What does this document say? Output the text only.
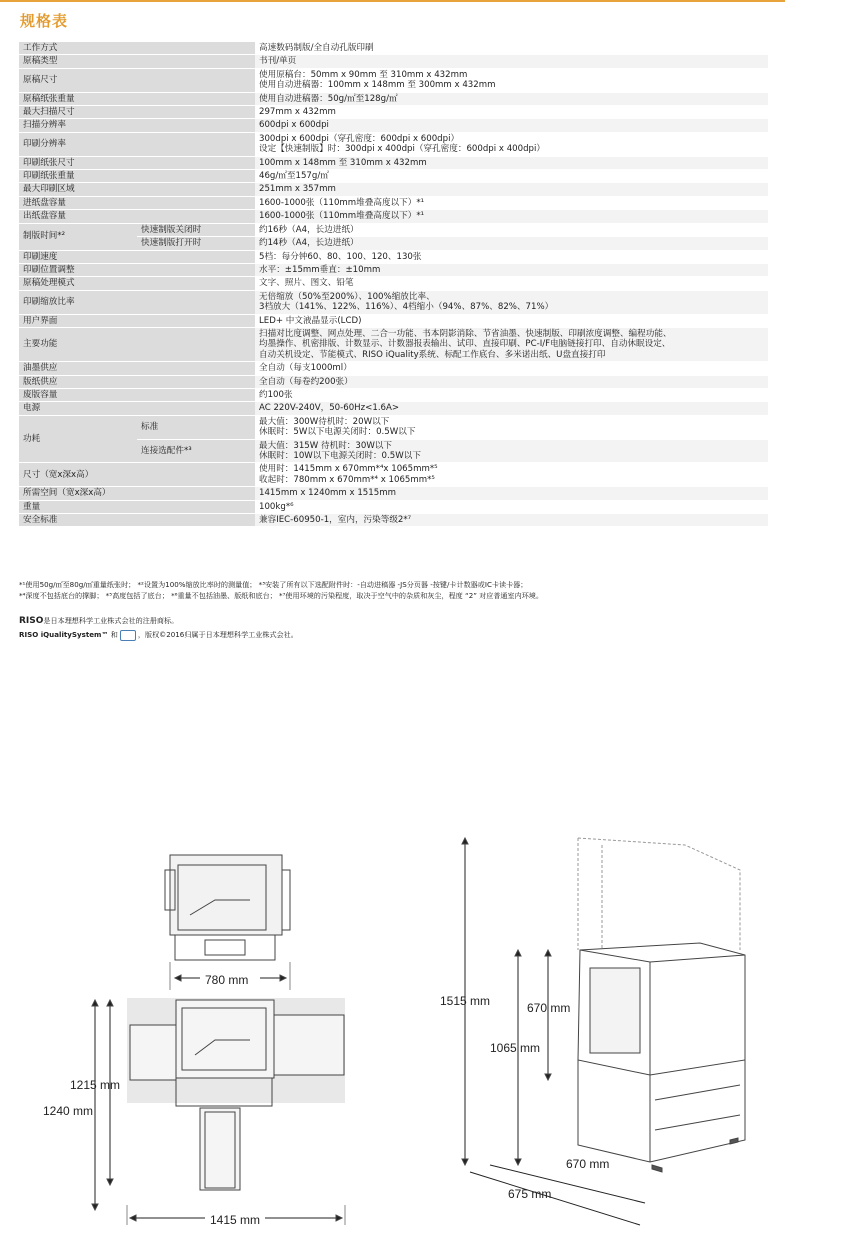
规格表
工作方式		高速数码制版/全自动孔版印刷

原稿类型		书刊/单页

原稿尺寸		使用原稿台：50mm x 90mm 至 310mm x 432mm
使用自动进稿器：100mm x 148mm 至 300mm x 432mm

原稿纸张重量		使用自动进稿器：50g/㎡至128g/㎡

最大扫描尺寸		297mm x 432mm

扫描分辨率		600dpi x 600dpi

印刷分辨率		300dpi x 600dpi（穿孔密度：600dpi x 600dpi）
设定【快速制版】时：300dpi x 400dpi（穿孔密度：600dpi x 400dpi）

印刷纸张尺寸		100mm x 148mm 至 310mm x 432mm

印刷纸张重量		46g/㎡至157g/㎡

最大印刷区域		251mm x 357mm

进纸盘容量		1600-1000张（110mm堆叠高度以下）*¹

出纸盘容量		1600-1000张（110mm堆叠高度以下）*¹

制版时间*²	快速制版关闭时	约16秒（A4，长边进纸）
	快速制版打开时	约14秒（A4，长边进纸）
印刷速度		5档：每分钟60、80、100、120、130张

印刷位置调整		水平：±15mm垂直：±10mm

原稿处理模式		文字、照片、图文、铅笔

印刷缩放比率		无倍缩放（50%至200%）、100%缩放比率、
3档放大（141%、122%、116%）、4档缩小（94%、87%、82%、71%）

用户界面		LED+ 中文液晶显示(LCD)

主要功能		扫描对比度调整、网点处理、二合一功能、书本阴影消除、节省油墨、快速制版、印刷浓度调整、编程功能、
均墨操作、机密排版、计数显示、计数器报表输出、试印、直接印刷、PC-I/F电脑链接打印、自动休眠设定、
自动关机设定、节能模式、RISO iQuality系统、标配工作底台、多米诺出纸、U盘直接打印

油墨供应		全自动（每支1000ml）

版纸供应		全自动（每卷约200张）

废版容量		约100张

电源		AC 220V-240V，50-60Hz<1.6A>

功耗	标准	最大值：300W待机时：20W以下
休眠时：5W以下电源关闭时：0.5W以下

	连接选配件*³	最大值：315W 待机时：30W以下
休眠时：10W以下电源关闭时：0.5W以下

尺寸（宽x深x高）		使用时：1415mm x 670mm*⁴x 1065mm*⁵
收起时：780mm x 670mm*⁴ x 1065mm*⁵

所需空间（宽x深x高）		1415mm x 1240mm x 1515mm

重量		100kg*⁶

安全标准		兼容IEC-60950-1，室内，污染等级2*⁷
*¹使用50g/㎡至80g/㎡重量纸张时； *²设置为100%缩放比率时的测量值； *³安装了所有以下选配附件时：-自动进稿器 -JS分页器 -按键/卡计数器或IC卡读卡器；
*⁴深度不包括底台的撑脚； *⁵高度包括了底台； *⁶重量不包括油墨、版纸和底台； *⁷使用环境的污染程度，取决于空气中的杂质和灰尘，程度 “2” 对应普通室内环境。
RISO是日本理想科学工业株式会社的注册商标。
RISO iQualitySystem™ 和	，版权©2016归属于日本理想科学工业株式会社。
780 mm
1215 mm
1240 mm
1415 mm
1515 mm	670 mm
1065 mm
670 mm
675 mm
